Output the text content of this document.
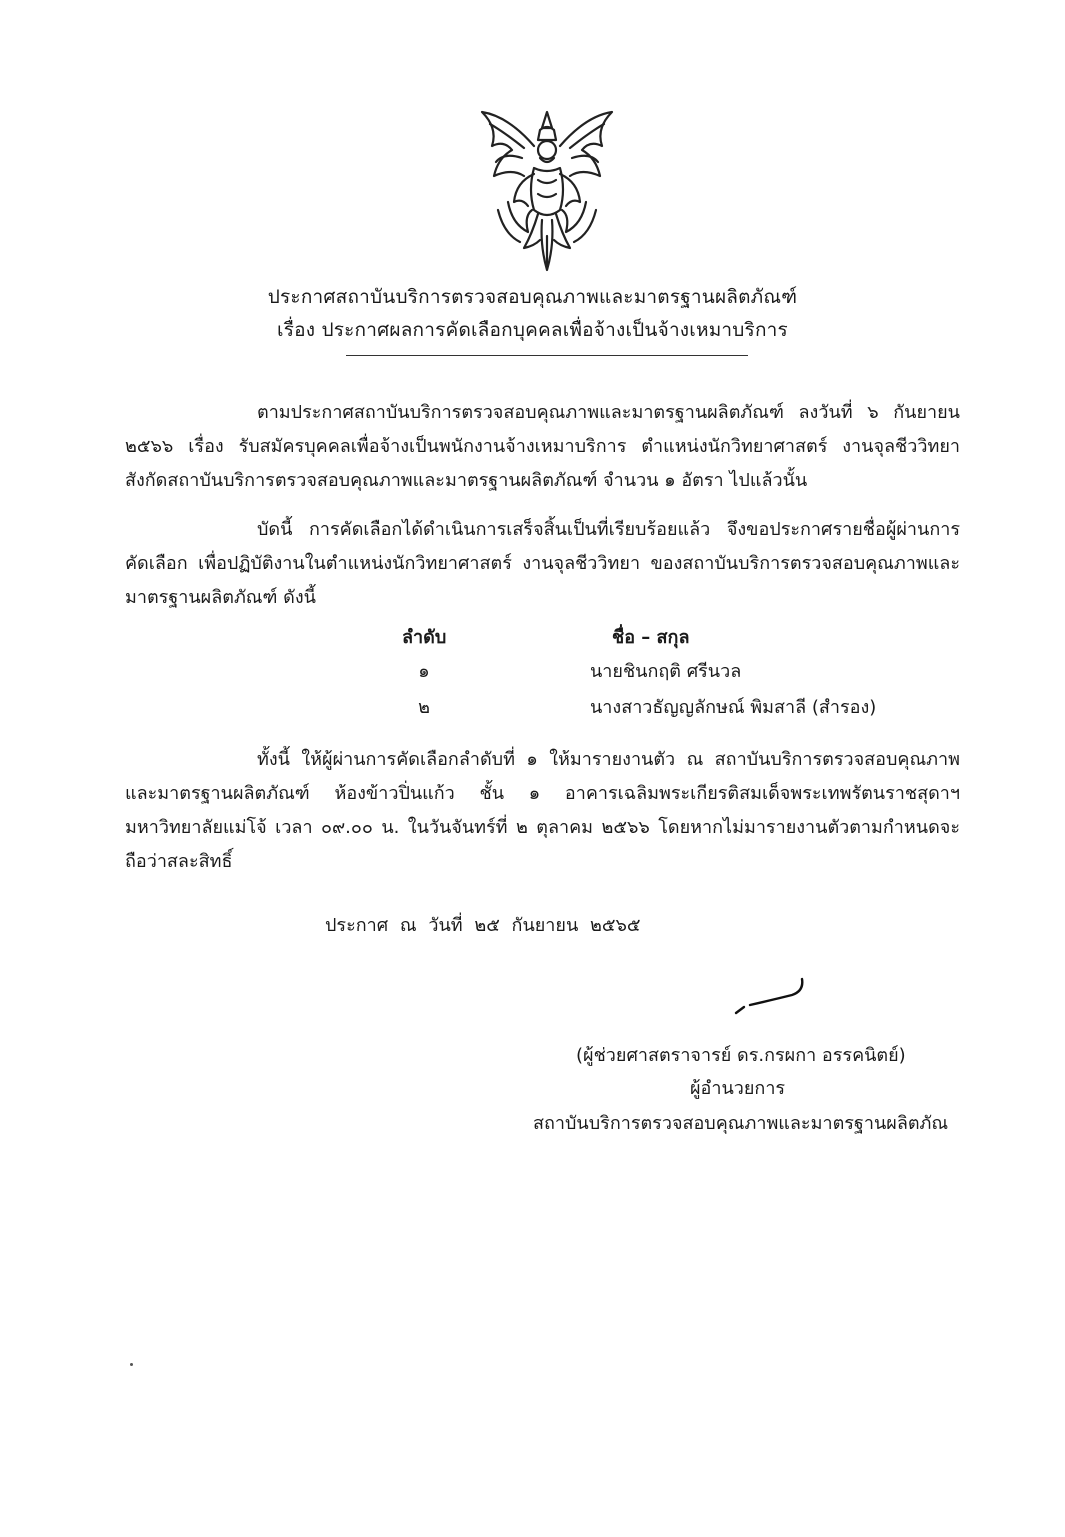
ประกาศสถาบันบริการตรวจสอบคุณภาพและมาตรฐานผลิตภัณฑ์
เรื่อง ประกาศผลการคัดเลือกบุคคลเพื่อจ้างเป็นจ้างเหมาบริการ
ตามประกาศสถาบันบริการตรวจสอบคุณภาพและมาตรฐานผลิตภัณฑ์ ลงวันที่ ๖ กันยายน ๒๕๖๖ เรื่อง รับสมัครบุคคลเพื่อจ้างเป็นพนักงานจ้างเหมาบริการ ตำแหน่งนักวิทยาศาสตร์ งานจุลชีววิทยา สังกัดสถาบันบริการตรวจสอบคุณภาพและมาตรฐานผลิตภัณฑ์ จำนวน ๑ อัตรา ไปแล้วนั้น
บัดนี้ การคัดเลือกได้ดำเนินการเสร็จสิ้นเป็นที่เรียบร้อยแล้ว จึงขอประกาศรายชื่อผู้ผ่านการคัดเลือก เพื่อปฏิบัติงานในตำแหน่งนักวิทยาศาสตร์ งานจุลชีววิทยา ของสถาบันบริการตรวจสอบคุณภาพและมาตรฐานผลิตภัณฑ์ ดังนี้
ลำดับ	ชื่อ – สกุล
๑	นายชินกฤติ ศรีนวล
๒	นางสาวธัญญลักษณ์ พิมสาลี (สำรอง)
ทั้งนี้ ให้ผู้ผ่านการคัดเลือกลำดับที่ ๑ ให้มารายงานตัว ณ สถาบันบริการตรวจสอบคุณภาพและมาตรฐานผลิตภัณฑ์ ห้องข้าวปิ่นแก้ว ชั้น ๑ อาคารเฉลิมพระเกียรติสมเด็จพระเทพรัตนราชสุดาฯ มหาวิทยาลัยแม่โจ้ เวลา ๐๙.๐๐ น. ในวันจันทร์ที่ ๒ ตุลาคม ๒๕๖๖ โดยหากไม่มารายงานตัวตามกำหนดจะถือว่าสละสิทธิ์
ประกาศ ณ วันที่ ๒๕ กันยายน ๒๕๖๕
(ผู้ช่วยศาสตราจารย์ ดร.กรผกา อรรคนิตย์)
ผู้อำนวยการ
สถาบันบริการตรวจสอบคุณภาพและมาตรฐานผลิตภัณ
